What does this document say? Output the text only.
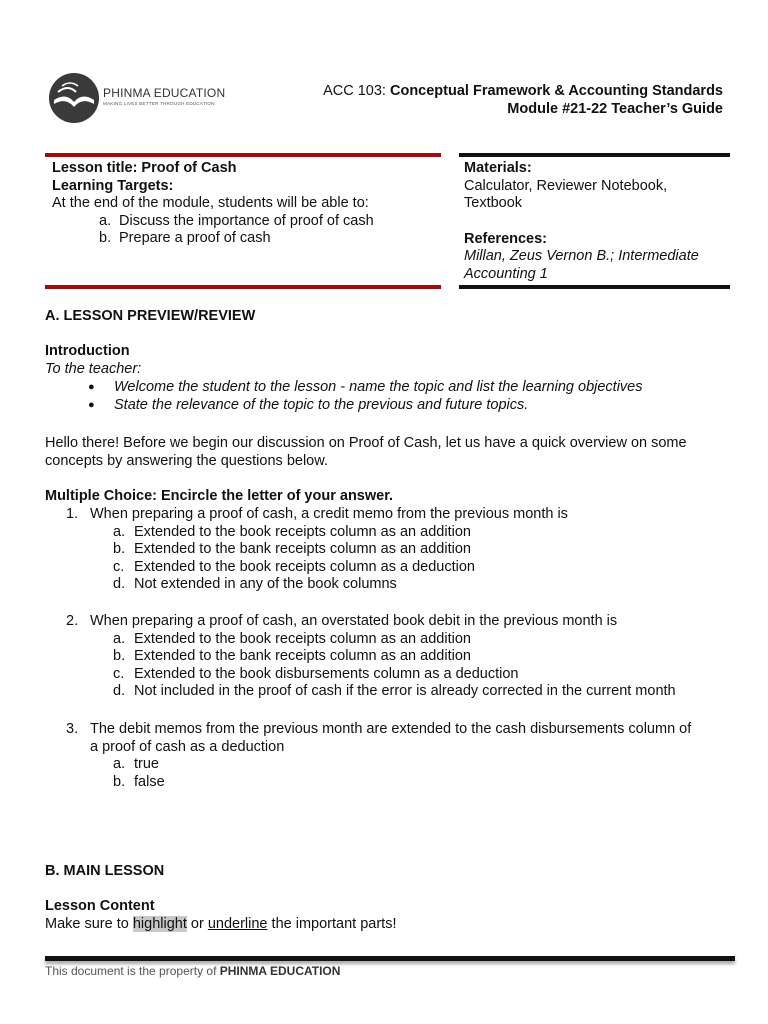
PHINMA EDUCATION
MAKING LIVES BETTER THROUGH EDUCATION
ACC 103: Conceptual Framework & Accounting Standards
Module #21-22 Teacher’s Guide
Lesson title: Proof of Cash
Learning Targets:
At the end of the module, students will be able to:
a. Discuss the importance of proof of cash
b. Prepare a proof of cash
Materials:
Calculator, Reviewer Notebook,
Textbook
References:
Millan, Zeus Vernon B.; Intermediate
Accounting 1
A. LESSON PREVIEW/REVIEW
Introduction
To the teacher:
●	Welcome the student to the lesson - name the topic and list the learning objectives
●	State the relevance of the topic to the previous and future topics.
Hello there! Before we begin our discussion on Proof of Cash, let us have a quick overview on some
concepts by answering the questions below.
Multiple Choice: Encircle the letter of your answer.
1. When preparing a proof of cash, a credit memo from the previous month is
a. Extended to the book receipts column as an addition
b. Extended to the bank receipts column as an addition
c. Extended to the book receipts column as a deduction
d. Not extended in any of the book columns
2. When preparing a proof of cash, an overstated book debit in the previous month is
a. Extended to the book receipts column as an addition
b. Extended to the bank receipts column as an addition
c. Extended to the book disbursements column as a deduction
d. Not included in the proof of cash if the error is already corrected in the current month
3. The debit memos from the previous month are extended to the cash disbursements column of
a proof of cash as a deduction
a. true
b. false
B. MAIN LESSON
Lesson Content
Make sure to highlight or underline the important parts!
This document is the property of PHINMA EDUCATION
